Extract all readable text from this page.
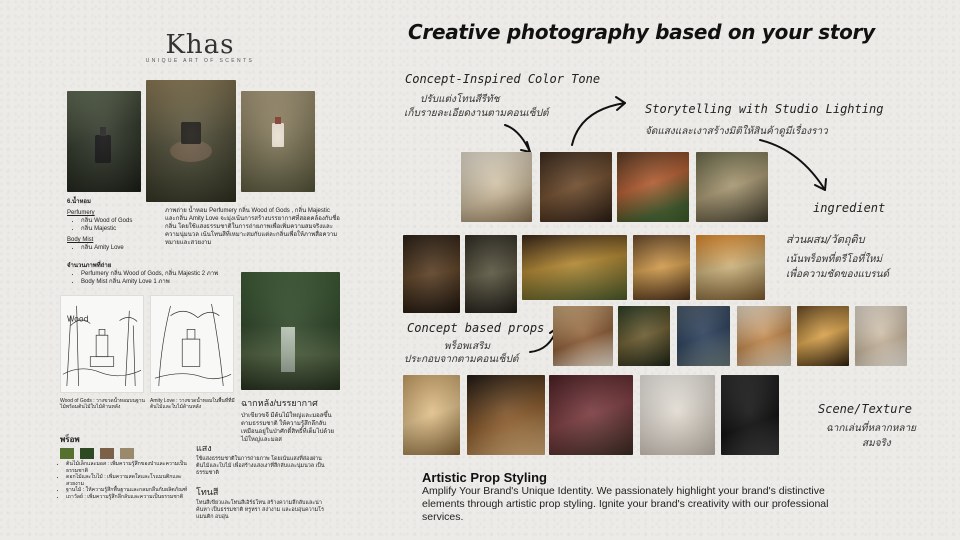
Khas
UNIQUE ART OF SCENTS
6.น้ำหอม
Perfumery
• กลิ่น Wood of Gods
• กลิ่น Majestic
Body Mist
• กลิ่น Amity Love
จำนวนภาพที่ถ่าย
• Perfumery กลิ่น Wood of Gods, กลิ่น Majestic 2 ภาพ
• Body Mist กลิ่น Amity Love 1 ภาพ
ภาพถ่าย น้ำหอม Perfumery กลิ่น Wood of Gods , กลิ่น Majestic และกลิ่น Amity Love จะมุ่งเน้นการสร้างบรรยากาศที่สอดคล้องกับชื่อกลิ่น โดยใช้แสงธรรมชาติในการถ่ายภาพเพื่อเพิ่มความสมจริงและความนุ่มนวล เน้นโทนสีที่เหมาะสมกับแต่ละกลิ่นเพื่อให้ภาพสื่อความหมายและสวยงาม
Wood
Wood of Gods : วางขวดน้ำหอมบนฐานไม้พร้อมต้นไม้ใบไม้ด้านหลัง
Amity Love : วางขวดน้ำหอมในพื้นที่ที่มีต้นไม้และใบไม้ด้านหลัง	ฉากหลัง/บรรยากาศ
ป่าเขียวขจี มีต้นไม้ใหญ่และมอสขึ้นตามธรรมชาติ ให้ความรู้สึกลึกลับ เหมือนอยู่ในป่าศักดิ์สิทธิ์ที่เต็มไปด้วยไม้ใหญ่และมอส
พร็อพ
• ต้นไม้เล็กและมอส : เพิ่มความรู้สึกของป่าและความเป็นธรรมชาติ
• ดอกไม้และใบไม้ : เพิ่มความสดใสและโรแมนติกและสวยงาม
• ฐานไม้ : ให้ความรู้สึกพื้นฐานและกลมกลืนกับผลิตภัณฑ์
• เถาวัลย์ : เพิ่มความรู้สึกลึกลับและความเป็นธรรมชาติ
แสง
ใช้แสงธรรมชาติในการถ่ายภาพ โดยเน้นแสงที่ส่องผ่านต้นไม้และใบไม้ เพื่อสร้างแสงเงาที่ลึกลับและนุ่มนวล เป็นธรรมชาติ
โทนสี
โทนสีเขียวและโทนสีเอิร์ธโทน สร้างความลึกลับและน่าค้นหา เป็นธรรมชาติ หรูหรา สง่างาม และอบอุ่นความโรแมนติก อบอุ่น
Creative photography based on your story
Concept-Inspired Color Tone
ปรับแต่งโทนสีรีทัช
เก็บรายละเอียดงานตามคอนเซ็ปต์	Storytelling with Studio Lighting
จัดแสงและเงาสร้างมิติให้สินค้าดูมีเรื่องราว
ingredient
ส่วนผสม/วัตถุดิบ
เน้นพร็อพที่ตรีโอที่ใหม่
เพื่อความชัดของแบรนด์
Concept based props
พร็อพเสริม
ประกอบจากตามคอนเซ็ปต์
Scene/Texture
ฉากเล่นที่หลากหลาย
สมจริง
Artistic Prop Styling
Amplify Your Brand's Unique Identity. We passionately highlight your brand's distinctive elements through artistic prop styling. Ignite your brand's creativity with our professional services.
